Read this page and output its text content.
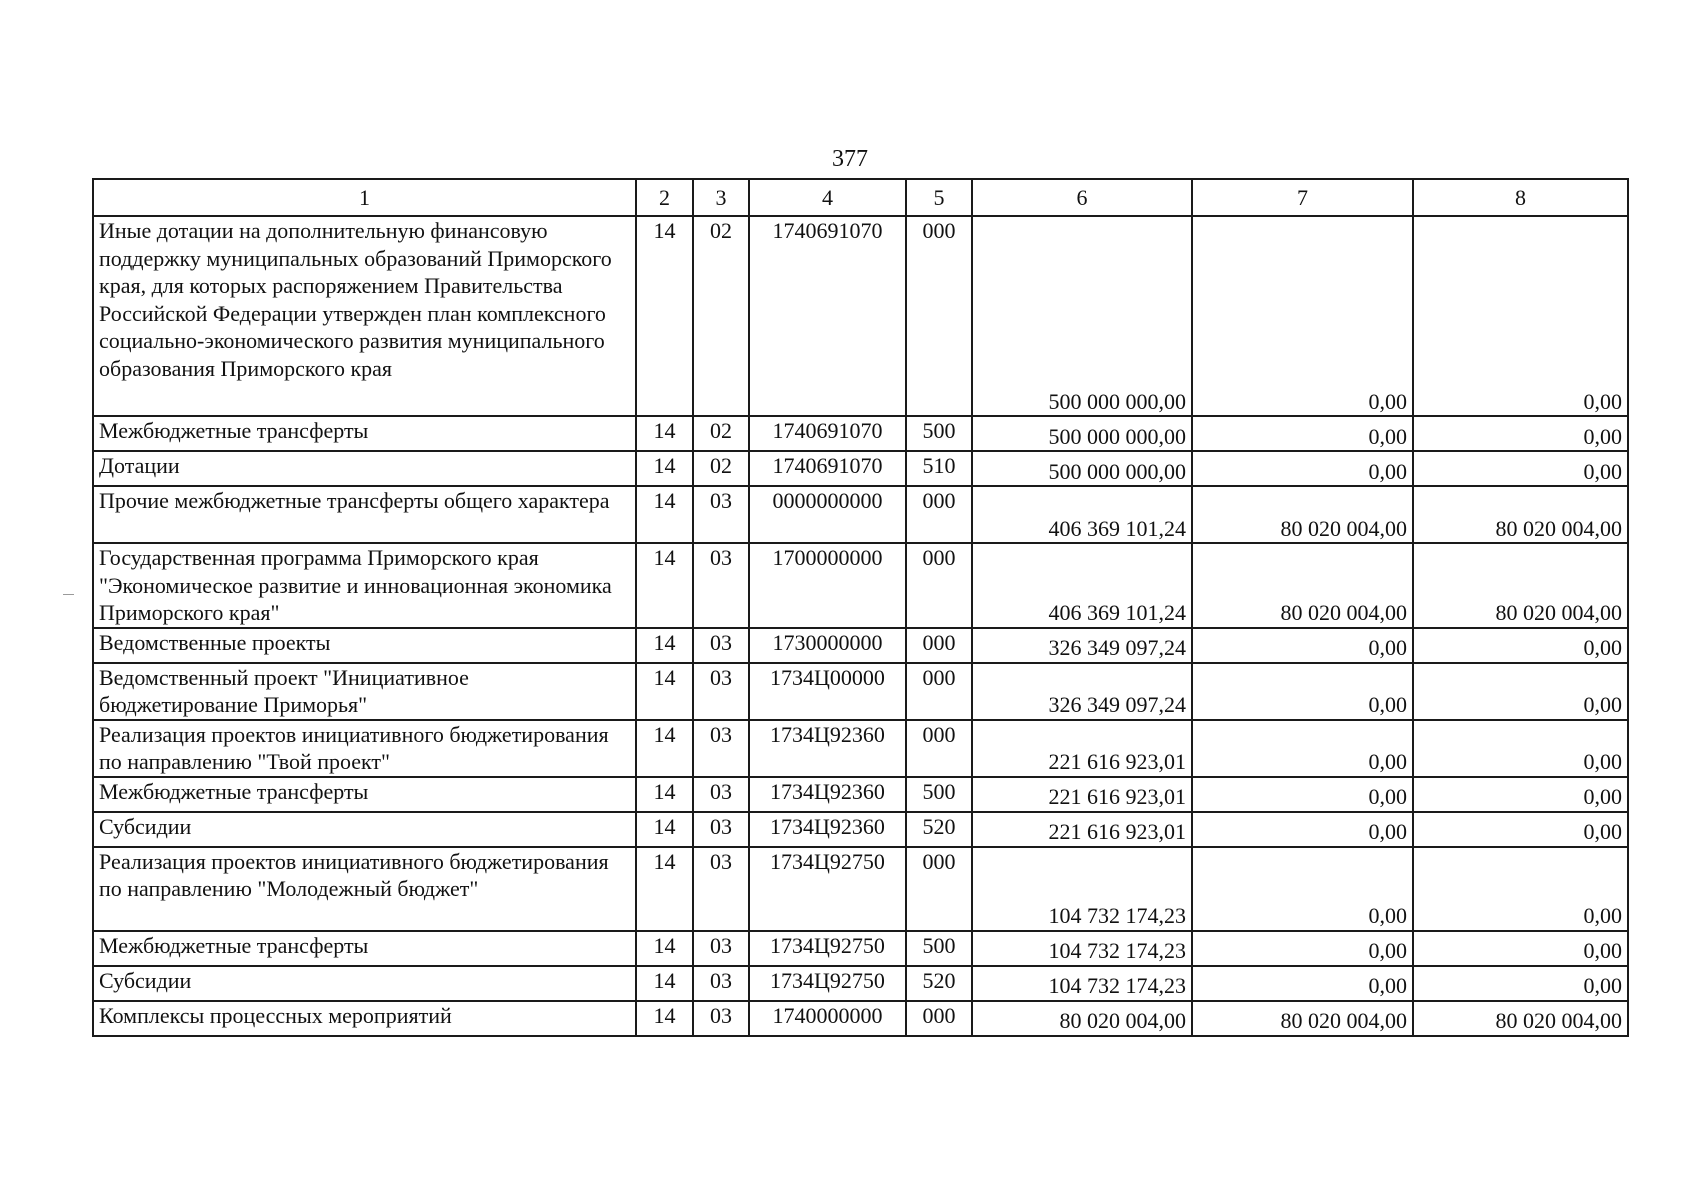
377
1	2	3	4	5	6	7	8
Иные дотации на дополнительную финансовую поддержку муниципальных образований Приморского края, для которых распоряжением Правительства Российской Федерации утвержден план комплексного социально-экономического развития муниципального образования Приморского края	14	02	1740691070	000	500 000 000,00	0,00	0,00
Межбюджетные трансферты	14	02	1740691070	500	500 000 000,00	0,00	0,00
Дотации	14	02	1740691070	510	500 000 000,00	0,00	0,00
Прочие межбюджетные трансферты общего характера	14	03	0000000000	000	406 369 101,24	80 020 004,00	80 020 004,00
Государственная программа Приморского края "Экономическое развитие и инновационная экономика Приморского края"	14	03	1700000000	000	406 369 101,24	80 020 004,00	80 020 004,00
Ведомственные проекты	14	03	1730000000	000	326 349 097,24	0,00	0,00
Ведомственный проект "Инициативное бюджетирование Приморья"	14	03	1734Ц00000	000	326 349 097,24	0,00	0,00
Реализация проектов инициативного бюджетирования по направлению "Твой проект"	14	03	1734Ц92360	000	221 616 923,01	0,00	0,00
Межбюджетные трансферты	14	03	1734Ц92360	500	221 616 923,01	0,00	0,00
Субсидии	14	03	1734Ц92360	520	221 616 923,01	0,00	0,00
Реализация проектов инициативного бюджетирования по направлению "Молодежный бюджет"	14	03	1734Ц92750	000	104 732 174,23	0,00	0,00
Межбюджетные трансферты	14	03	1734Ц92750	500	104 732 174,23	0,00	0,00
Субсидии	14	03	1734Ц92750	520	104 732 174,23	0,00	0,00
Комплексы процессных мероприятий	14	03	1740000000	000	80 020 004,00	80 020 004,00	80 020 004,00
